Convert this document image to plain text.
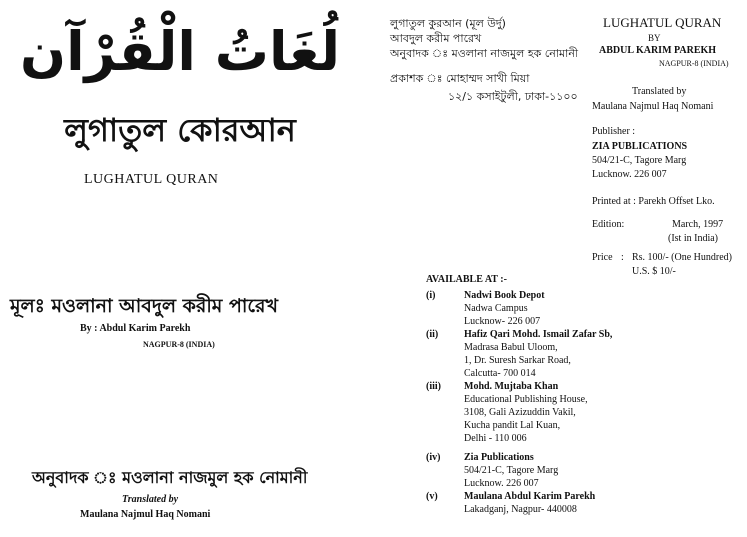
لُغَاتُ الْقُرْآن
লুগাতুল কোরআন
LUGHATUL QURAN
মূলঃ মওলানা আবদুল করীম পারেখ
By : Abdul Karim Parekh
NAGPUR-8 (INDIA)
অনুবাদক ঃ মওলানা নাজমুল হক নোমানী
Translated by
Maulana Najmul Haq Nomani
লুগাতুল কুরআন (মূল উর্দু)
আবদুল করীম পারেখ
অনুবাদক ঃ মওলানা নাজমুল হক নোমানী
প্রকাশক ঃ মোহাম্মদ সাখী মিয়া
১২/১ কসাইটুলী, ঢাকা-১১০০
LUGHATUL QURAN
BY
ABDUL KARIM PAREKH
NAGPUR-8 (INDIA)
Translated by
Maulana Najmul Haq Nomani
Publisher :
ZIA PUBLICATIONS
504/21-C, Tagore Marg
Lucknow. 226 007
Printed at : Parekh Offset Lko.
Edition:	March, 1997
(Ist in India)
Price : Rs. 100/- (One Hundred)
U.S. $ 10/-
AVAILABLE AT :-
(i)	Nadwi Book Depot
Nadwa Campus
Lucknow- 226 007
(ii)	Hafiz Qari Mohd. Ismail Zafar Sb,
Madrasa Babul Uloom,
1, Dr. Suresh Sarkar Road,
Calcutta- 700 014
(iii) Mohd. Mujtaba Khan
Educational Publishing House,
3108, Gali Azizuddin Vakil,
Kucha pandit Lal Kuan,
Delhi - 110 006
(iv) Zia Publications
504/21-C, Tagore Marg
Lucknow. 226 007
(v)	Maulana Abdul Karim Parekh
Lakadganj, Nagpur- 440008
